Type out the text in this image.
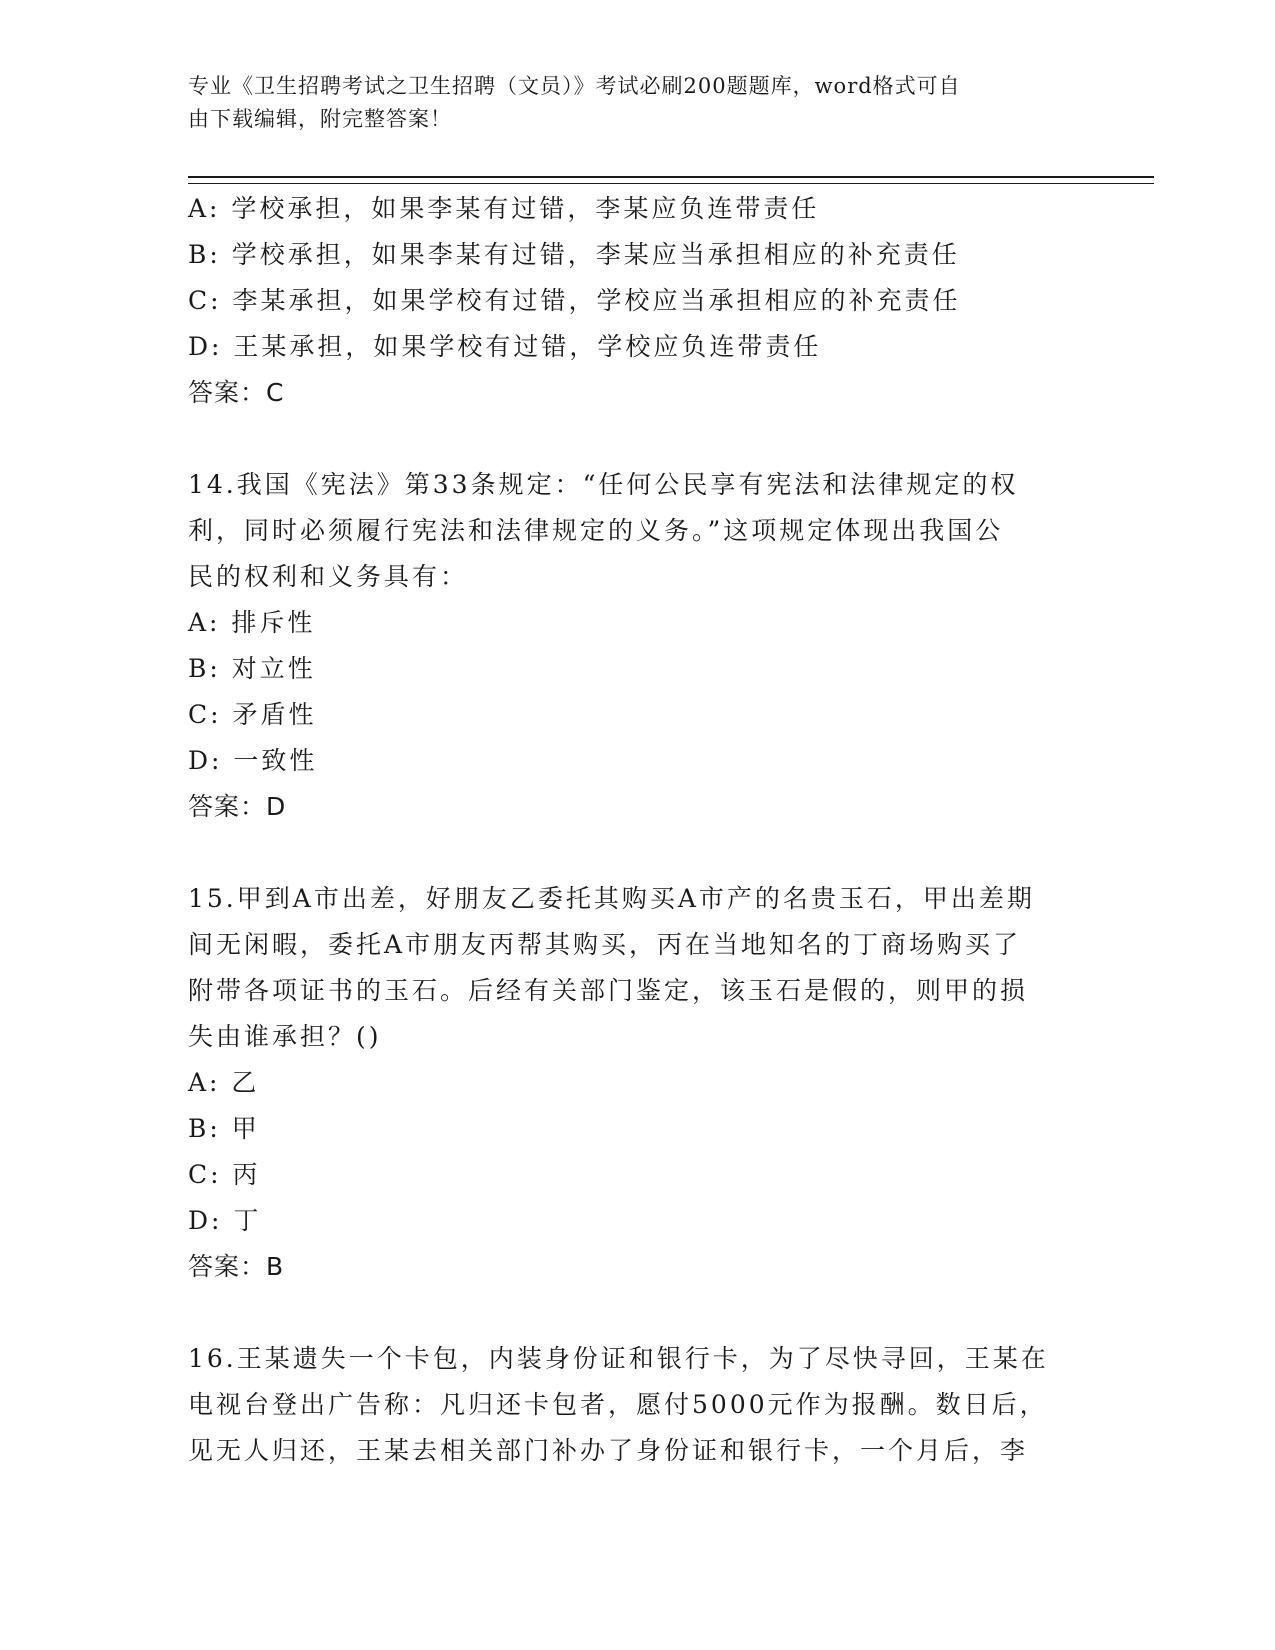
专业《卫生招聘考试之卫生招聘（文员）》考试必刷200题题库，word格式可自
由下载编辑，附完整答案！
A: 学校承担，如果李某有过错，李某应负连带责任
B: 学校承担，如果李某有过错，李某应当承担相应的补充责任
C: 李某承担，如果学校有过错，学校应当承担相应的补充责任
D: 王某承担，如果学校有过错，学校应负连带责任
答案：C
14.我国《宪法》第33条规定：“任何公民享有宪法和法律规定的权
利，同时必须履行宪法和法律规定的义务。”这项规定体现出我国公
民的权利和义务具有：
A: 排斥性
B: 对立性
C: 矛盾性
D: 一致性
答案：D
15.甲到A市出差，好朋友乙委托其购买A市产的名贵玉石，甲出差期
间无闲暇，委托A市朋友丙帮其购买，丙在当地知名的丁商场购买了
附带各项证书的玉石。后经有关部门鉴定，该玉石是假的，则甲的损
失由谁承担？()
A: 乙
B: 甲
C: 丙
D: 丁
答案：B
16.王某遗失一个卡包，内装身份证和银行卡，为了尽快寻回，王某在
电视台登出广告称：凡归还卡包者，愿付5000元作为报酬。数日后，
见无人归还，王某去相关部门补办了身份证和银行卡，一个月后，李
